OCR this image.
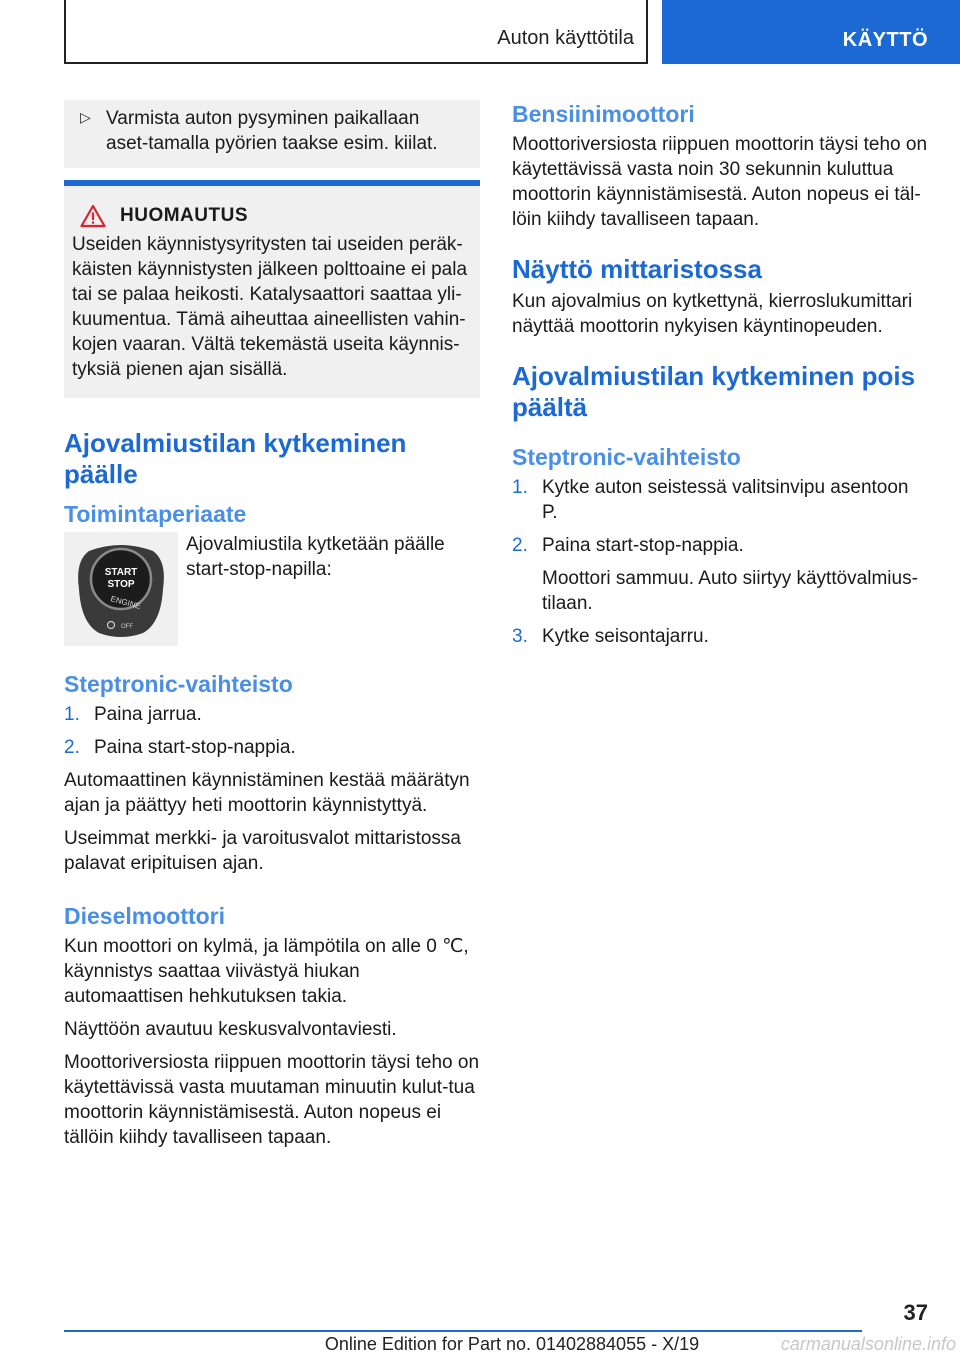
Auton käyttötila	KÄYTTÖ
▷ Varmista auton pysyminen paikallaan aset-tamalla pyörien taakse esim. kiilat.
HUOMAUTUS

Useiden käynnistysyritysten tai useiden peräk-käisten käynnistysten jälkeen polttoaine ei pala tai se palaa heikosti. Katalysaattori saattaa yli-kuumentua. Tämä aiheuttaa aineellisten vahin-kojen vaaran. Vältä tekemästä useita käynnis-tyksiä pienen ajan sisällä.

Ajovalmiustilan kytkeminen päälle
Toimintaperiaate
START
STOP
ENGINE
OFF
Ajovalmiustila kytketään päälle start-stop-napilla:
Steptronic-vaihteisto
1. Paina jarrua.
2. Paina start-stop-nappia.

Automaattinen käynnistäminen kestää määrätyn ajan ja päättyy heti moottorin käynnistyttyä.

Useimmat merkki- ja varoitusvalot mittaristossa palavat eripituisen ajan.

Dieselmoottori

Kun moottori on kylmä, ja lämpötila on alle 0 ℃, käynnistys saattaa viivästyä hiukan automaattisen hehkutuksen takia.

Näyttöön avautuu keskusvalvontaviesti.

Moottoriversiosta riippuen moottorin täysi teho on käytettävissä vasta muutaman minuutin kulut-tua moottorin käynnistämisestä. Auton nopeus ei tällöin kiihdy tavalliseen tapaan.

Bensiinimoottori

Moottoriversiosta riippuen moottorin täysi teho on käytettävissä vasta noin 30 sekunnin kuluttua moottorin käynnistämisestä. Auton nopeus ei täl-löin kiihdy tavalliseen tapaan.

Näyttö mittaristossa

Kun ajovalmius on kytkettynä, kierroslukumittari näyttää moottorin nykyisen käyntinopeuden.

Ajovalmiustilan kytkeminen pois päältä
Steptronic-vaihteisto
1. Kytke auton seistessä valitsinvipu asentoon P.
2. Paina start-stop-nappia.
Moottori sammuu. Auto siirtyy käyttövalmius-tilaan.
3. Kytke seisontajarru.
37
Online Edition for Part no. 01402884055 - X/19	carmanualsonline.info
